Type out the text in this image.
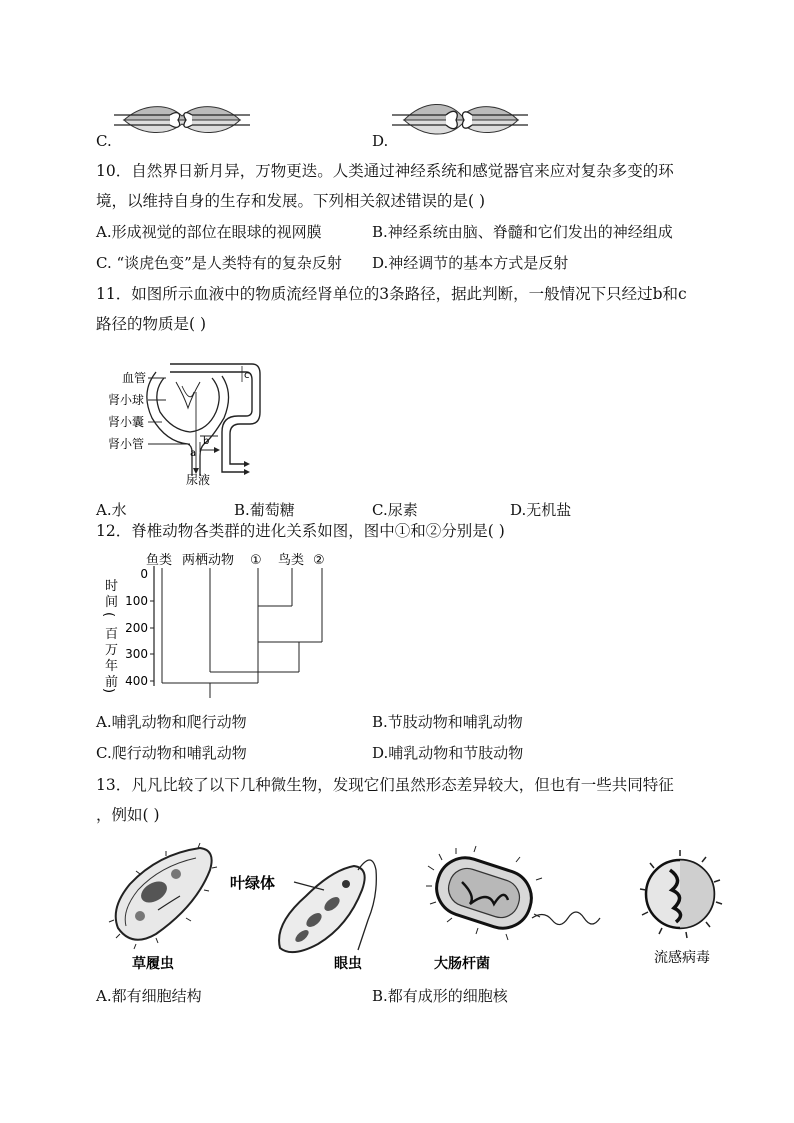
C.	D.
10．自然界日新月异，万物更迭。人类通过神经系统和感觉器官来应对复杂多变的环
境，以维持自身的生存和发展。下列相关叙述错误的是( )
A.形成视觉的部位在眼球的视网膜	B.神经系统由脑、脊髓和它们发出的神经组成
C. “谈虎色变”是人类特有的复杂反射 D.神经调节的基本方式是反射
11．如图所示血液中的物质流经肾单位的3条路径，据此判断，一般情况下只经过b和c
路径的物质是( )
血管
肾小球
肾小囊
肾小管
尿液
a
b
c
A.水	B.葡萄糖	C.尿素	D.无机盐
12．脊椎动物各类群的进化关系如图，图中①和②分别是( )
时
间
(
百
万
年
前
)
0
100
200
300
400
鱼类 两栖动物 ① 鸟类 ②
A.哺乳动物和爬行动物	B.节肢动物和哺乳动物
C.爬行动物和哺乳动物	D.哺乳动物和节肢动物
13．凡凡比较了以下几种微生物，发现它们虽然形态差异较大，但也有一些共同特征
，例如( )
草履虫
叶绿体
眼虫	大肠杆菌	流感病毒
A.都有细胞结构	B.都有成形的细胞核
